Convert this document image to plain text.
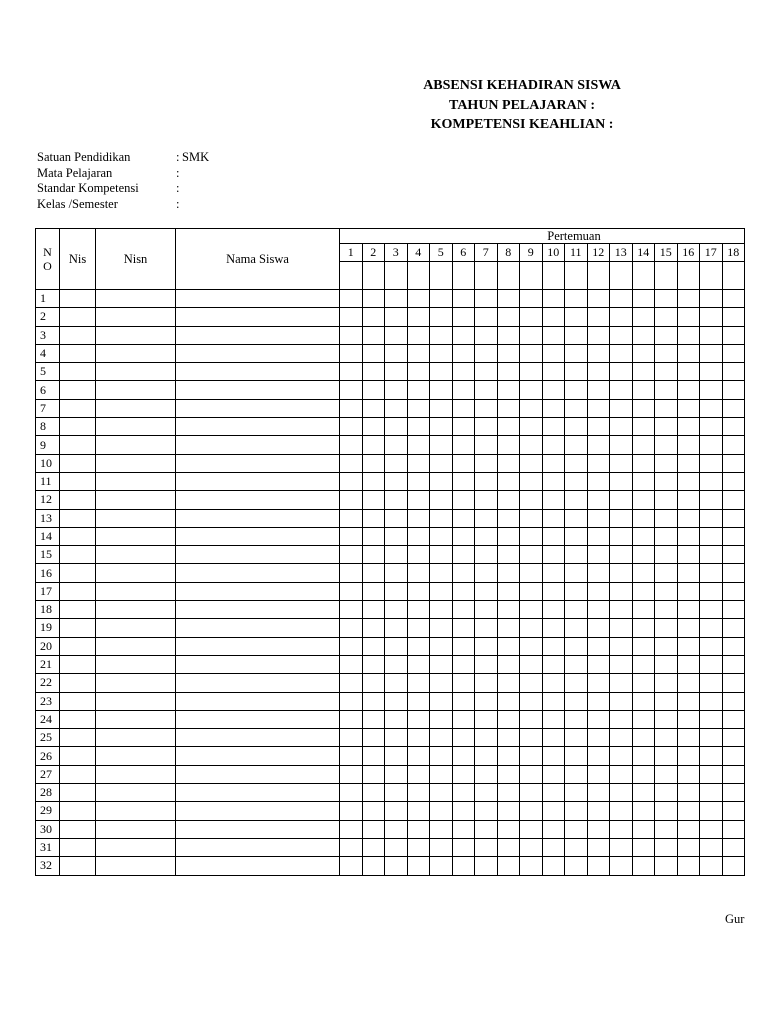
ABSENSI KEHADIRAN SISWA
TAHUN PELAJARAN :
KOMPETENSI KEAHLIAN :
Satuan Pendidikan	: SMK
Mata Pelajaran	:
Standar Kompetensi	:
Kelas /Semester	:
N
O	Nis	Nisn	Nama Siswa	Pertemuan																	
				1	2	3	4	5	6	7	8	9	10	11	12	13	14	15	16	17	18

1																					
2																					
3																					
4																					
5																					
6																					
7																					
8																					
9																					
10																					
11																					
12																					
13																					
14																					
15																					
16																					
17																					
18																					
19																					
20																					
21																					
22																					
23																					
24																					
25																					
26																					
27																					
28																					
29																					
30																					
31																					
32																					
Gur
